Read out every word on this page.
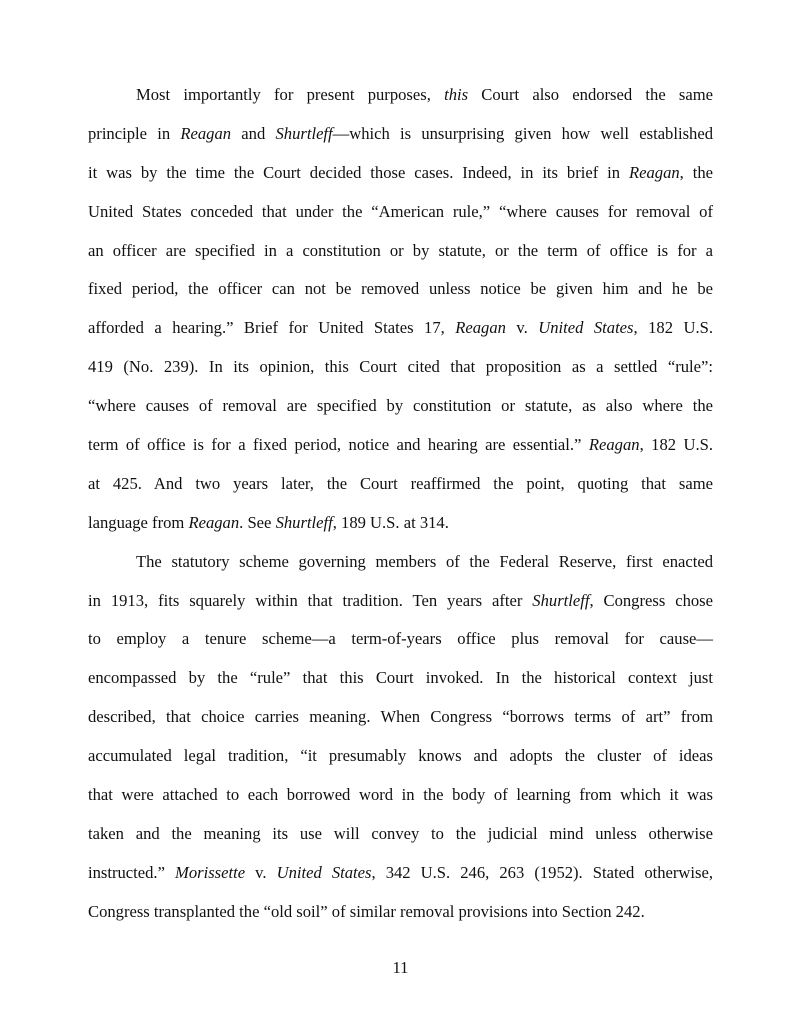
Most importantly for present purposes, this Court also endorsed the same
principle in Reagan and Shurtleff—which is unsurprising given how well established
it was by the time the Court decided those cases. Indeed, in its brief in Reagan, the
United States conceded that under the “American rule,” “where causes for removal of
an officer are specified in a constitution or by statute, or the term of office is for a
fixed period, the officer can not be removed unless notice be given him and he be
afforded a hearing.” Brief for United States 17, Reagan v. United States, 182 U.S.
419 (No. 239). In its opinion, this Court cited that proposition as a settled “rule”:
“where causes of removal are specified by constitution or statute, as also where the
term of office is for a fixed period, notice and hearing are essential.” Reagan, 182 U.S.
at 425. And two years later, the Court reaffirmed the point, quoting that same
language from Reagan. See Shurtleff, 189 U.S. at 314.
The statutory scheme governing members of the Federal Reserve, first enacted
in 1913, fits squarely within that tradition. Ten years after Shurtleff, Congress chose
to employ a tenure scheme—a term-of-years office plus removal for cause—
encompassed by the “rule” that this Court invoked. In the historical context just
described, that choice carries meaning. When Congress “borrows terms of art” from
accumulated legal tradition, “it presumably knows and adopts the cluster of ideas
that were attached to each borrowed word in the body of learning from which it was
taken and the meaning its use will convey to the judicial mind unless otherwise
instructed.” Morissette v. United States, 342 U.S. 246, 263 (1952). Stated otherwise,
Congress transplanted the “old soil” of similar removal provisions into Section 242.
11
